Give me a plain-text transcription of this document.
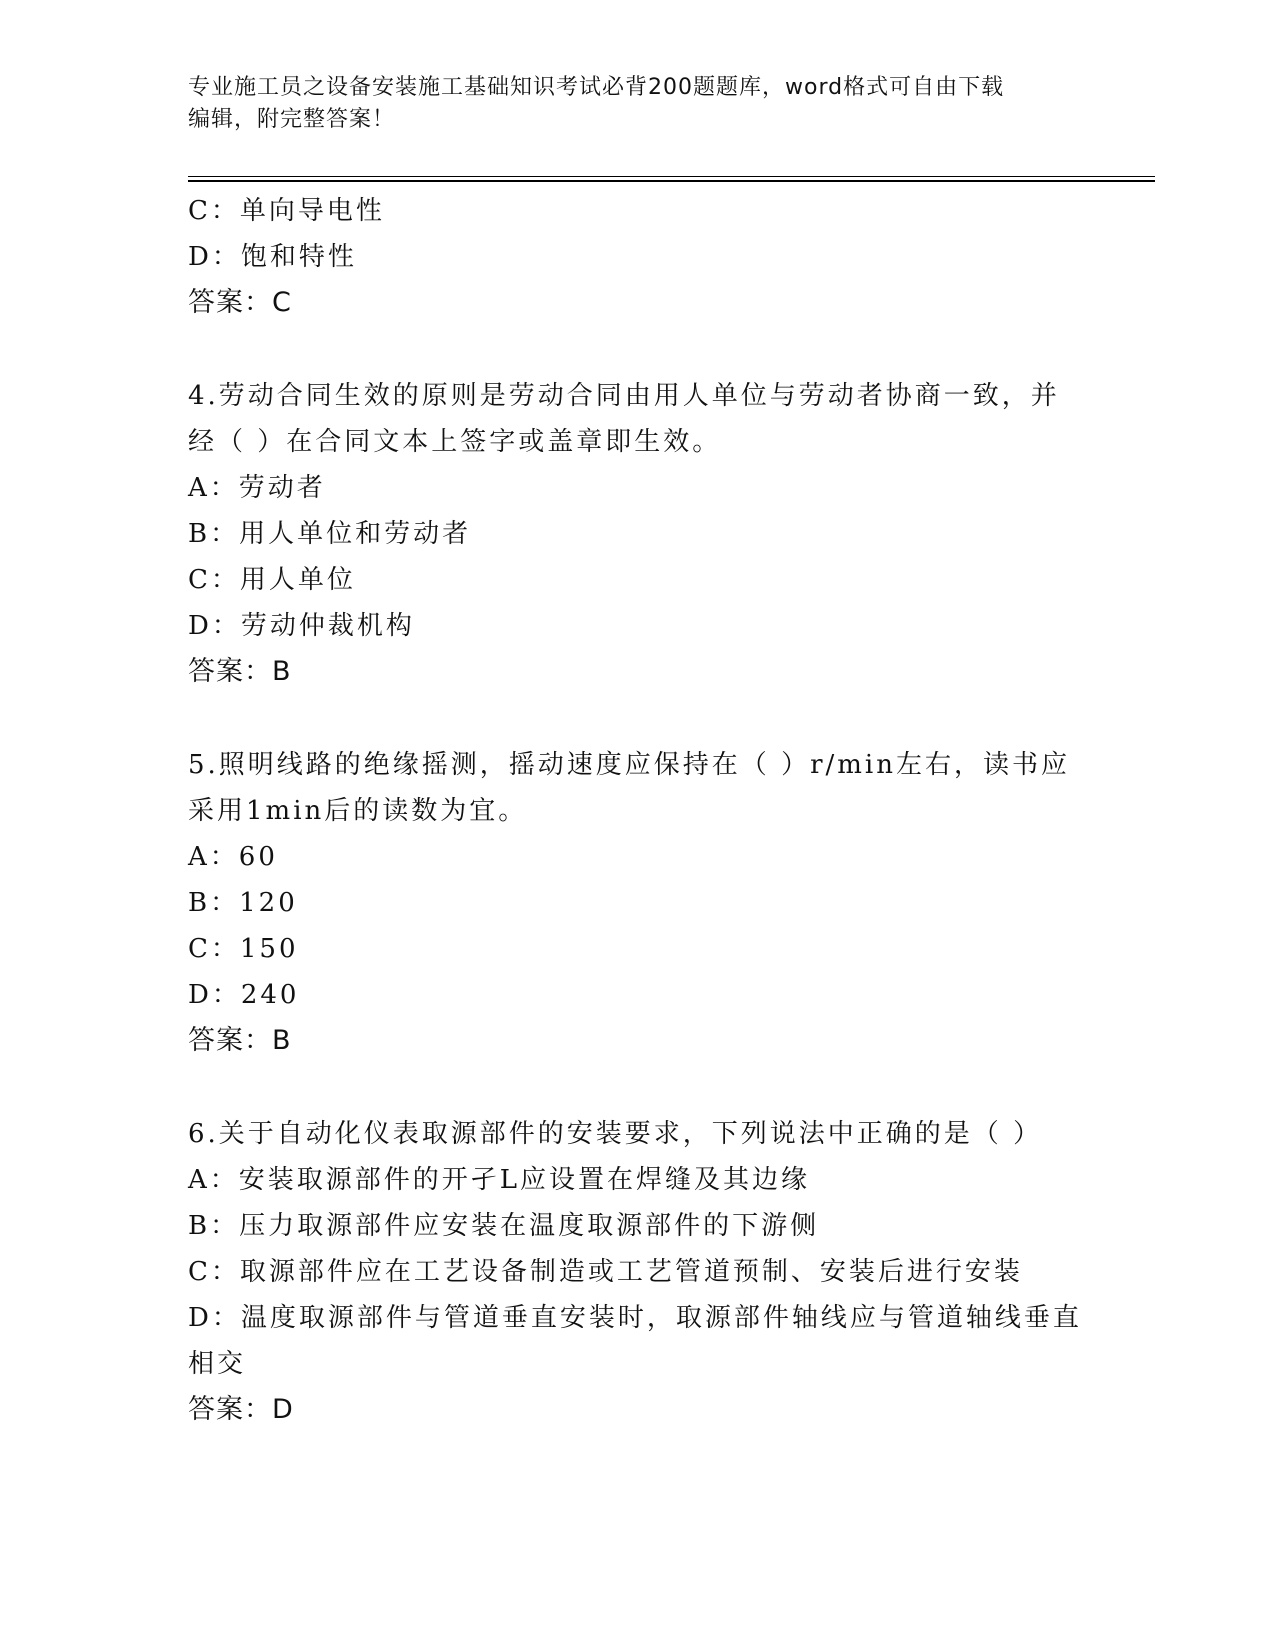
专业施工员之设备安装施工基础知识考试必背200题题库，word格式可自由下载
编辑，附完整答案！
C：单向导电性
D：饱和特性
答案：C
4.劳动合同生效的原则是劳动合同由用人单位与劳动者协商一致，并
经（ ）在合同文本上签字或盖章即生效。
A：劳动者
B：用人单位和劳动者
C：用人单位
D：劳动仲裁机构
答案：B
5.照明线路的绝缘摇测，摇动速度应保持在（ ）r/min左右，读书应
采用1min后的读数为宜。
A：60
B：120
C：150
D：240
答案：B
6.关于自动化仪表取源部件的安装要求，下列说法中正确的是（ ）
A：安装取源部件的开孑L应设置在焊缝及其边缘
B：压力取源部件应安装在温度取源部件的下游侧
C：取源部件应在工艺设备制造或工艺管道预制、安装后进行安装
D：温度取源部件与管道垂直安装时，取源部件轴线应与管道轴线垂直
相交
答案：D
